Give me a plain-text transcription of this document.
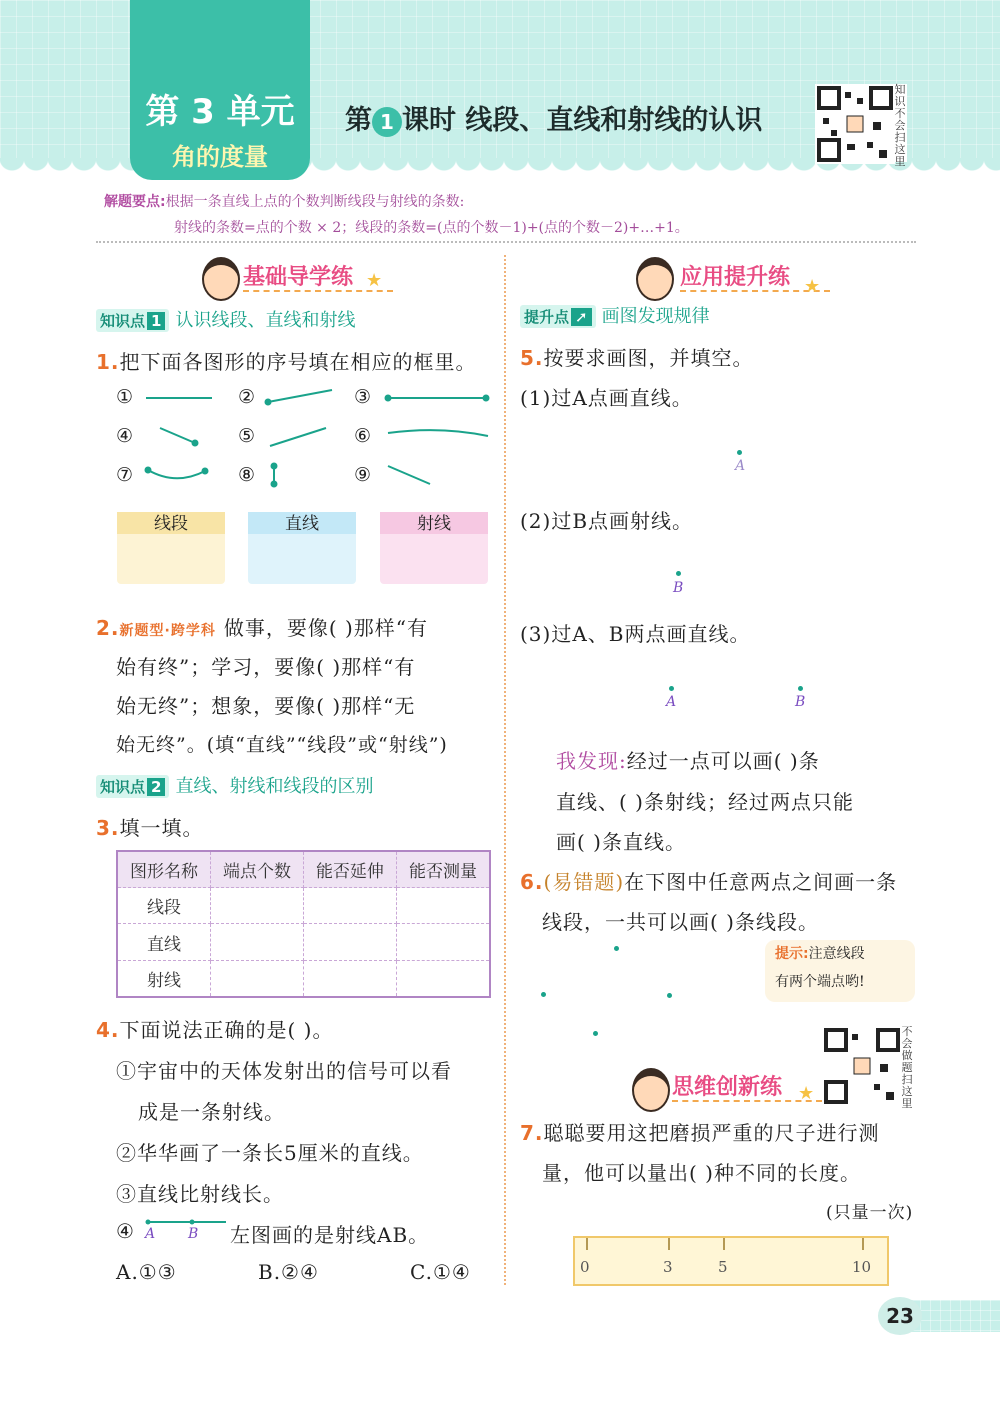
第 3 单元
角的度量
第 1 课时 线段、直线和射线的认识
知识不会扫这里
解题要点:根据一条直线上点的个数判断线段与射线的条数:
射线的条数=点的个数 × 2；线段的条数=(点的个数－1)+(点的个数－2)+…+1。
基础导学练 ★
知识点 1 认识线段、直线和射线
1.把下面各图形的序号填在相应的框里。
①	②	③
④	⑤	⑥
⑦	⑧	⑨
线段	直线	射线
2.新题型·跨学科 做事，要像( )那样“有
始有终”；学习，要像( )那样“有
始无终”；想象，要像( )那样“无
始无终”。(填“直线”“线段”或“射线”)
知识点 2 直线、射线和线段的区别
3.填一填。
图形名称	端点个数	能否延伸	能否测量
线段			
直线			
射线			
4.下面说法正确的是( )。
①宇宙中的天体发射出的信号可以看
成是一条射线。
②华华画了一条长5厘米的直线。
③直线比射线长。
④ A B 左图画的是射线AB。
A.①③	B.②④	C.①④
应用提升练 ★
提升点 ➚ 画图发现规律
5.按要求画图，并填空。
(1)过A点画直线。
A
(2)过B点画射线。
B
(3)过A、B两点画直线。
A	B
我发现:经过一点可以画( )条
直线、( )条射线；经过两点只能
画( )条直线。
6.(易错题)在下图中任意两点之间画一条
线段，一共可以画( )条线段。
提示:注意线段
有两个端点哟!
思维创新练 ★
不会做题扫这里
7.聪聪要用这把磨损严重的尺子进行测
量，他可以量出( )种不同的长度。
(只量一次)
0	3	5	10
23
